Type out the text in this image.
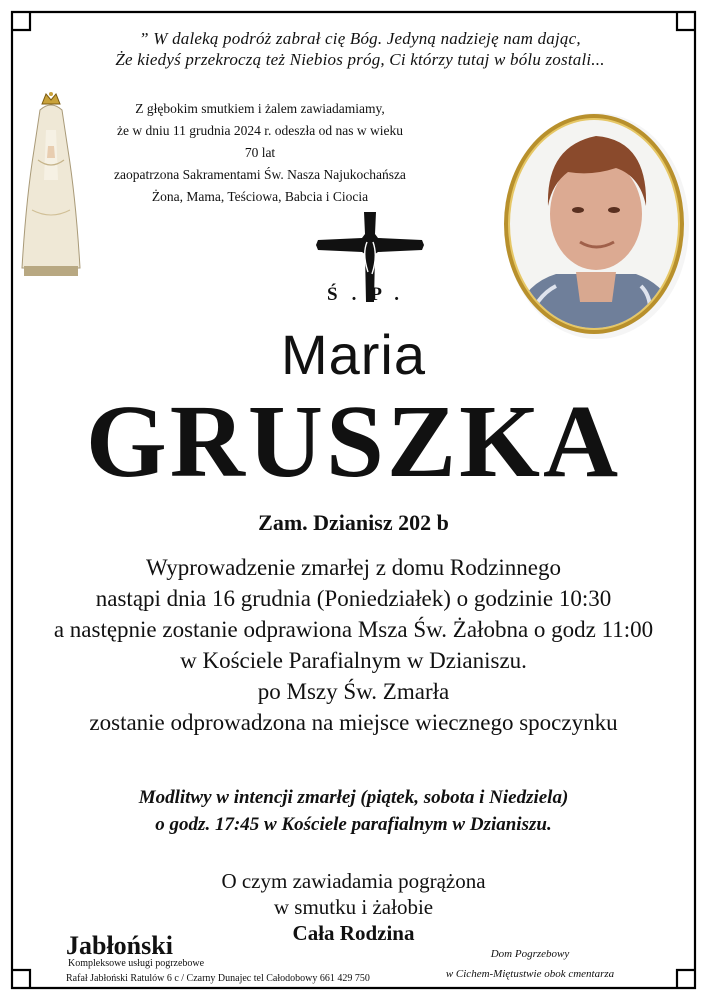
” W daleką podróż zabrał cię Bóg. Jedyną nadzieję nam dając,
Że kiedyś przekroczą też Niebios próg, Ci którzy tutaj w bólu zostali...
Z głębokim smutkiem i żalem zawiadamiamy,
że w dniu 11 grudnia 2024 r. odeszła od nas w wieku 70 lat
zaopatrzona Sakramentami Św. Nasza Najukochańsza
Żona, Mama, Teściowa, Babcia i Ciocia
Ś.P.
Maria
GRUSZKA
Zam. Dzianisz 202 b
Wyprowadzenie zmarłej z domu Rodzinnego
nastąpi dnia 16 grudnia (Poniedziałek) o godzinie 10:30
a następnie zostanie odprawiona Msza Św. Żałobna o godz 11:00
w Kościele Parafialnym w Dzianiszu.
po Mszy Św. Zmarła
zostanie odprowadzona na miejsce wiecznego spoczynku
Modlitwy w intencji zmarłej (piątek, sobota i Niedziela)
o godz. 17:45 w Kościele parafialnym w Dzianiszu.
O czym zawiadamia pogrążona
w smutku i żałobie
Cała Rodzina
Jabłoński
Kompleksowe usługi pogrzebowe
Rafał Jabłoński Ratulów 6 c / Czarny Dunajec tel Całodobowy 661 429 750
Dom Pogrzebowy
w Cichem-Miętustwie obok cmentarza
